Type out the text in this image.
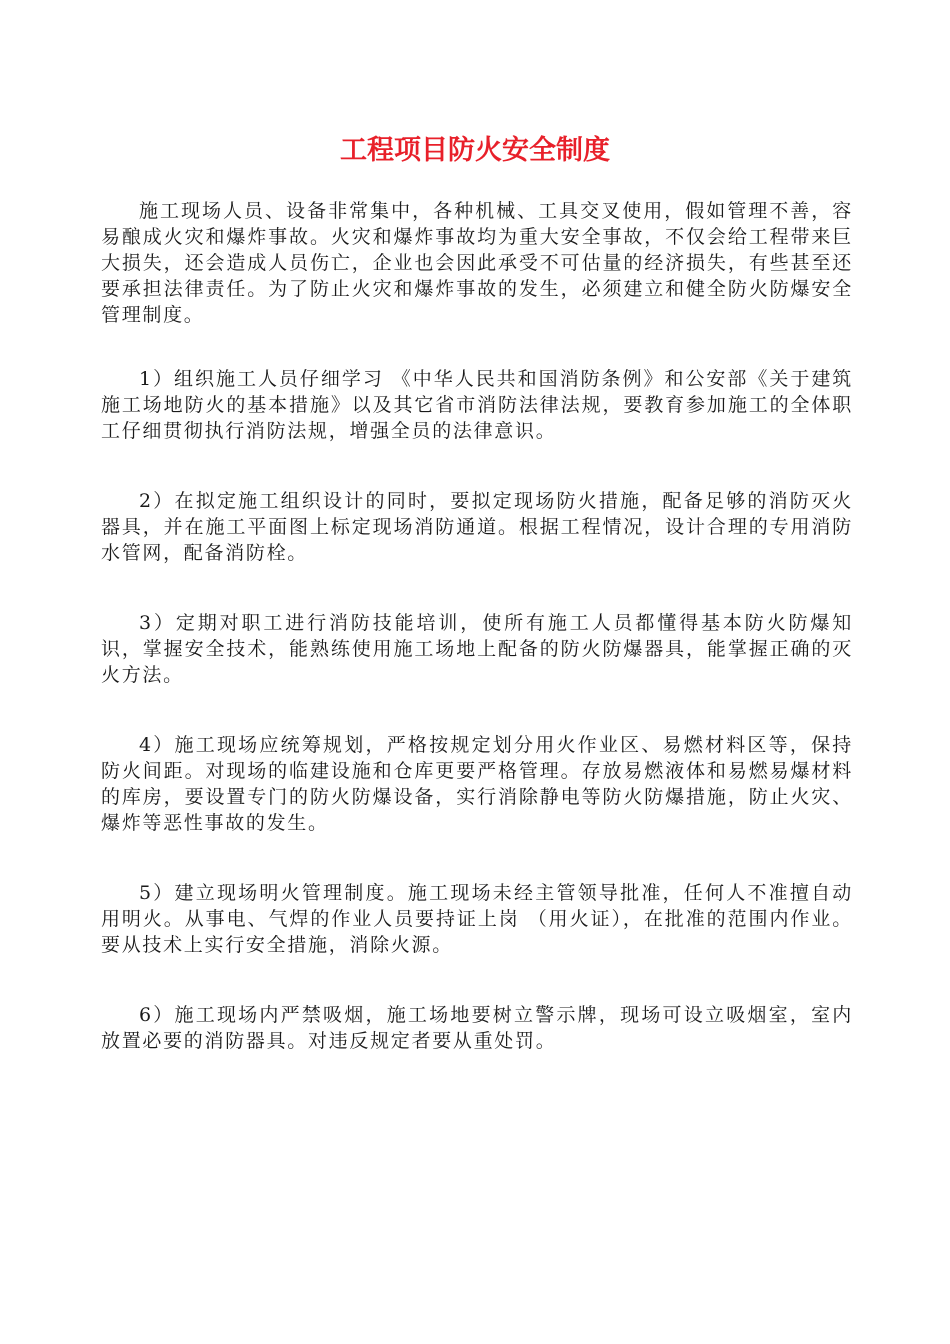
工程项目防火安全制度

施工现场人员、设备非常集中，各种机械、工具交叉使用，假如管理不善，容易酿成火灾和爆炸事故。火灾和爆炸事故均为重大安全事故，不仅会给工程带来巨大损失，还会造成人员伤亡，企业也会因此承受不可估量的经济损失，有些甚至还要承担法律责任。为了防止火灾和爆炸事故的发生，必须建立和健全防火防爆安全管理制度。

1）组织施工人员仔细学习 《中华人民共和国消防条例》和公安部《关于建筑施工场地防火的基本措施》以及其它省市消防法律法规，要教育参加施工的全体职工仔细贯彻执行消防法规，增强全员的法律意识。

2）在拟定施工组织设计的同时，要拟定现场防火措施，配备足够的消防灭火器具，并在施工平面图上标定现场消防通道。根据工程情况，设计合理的专用消防水管网，配备消防栓。

3）定期对职工进行消防技能培训，使所有施工人员都懂得基本防火防爆知识，掌握安全技术，能熟练使用施工场地上配备的防火防爆器具，能掌握正确的灭火方法。

4）施工现场应统筹规划，严格按规定划分用火作业区、易燃材料区等，保持防火间距。对现场的临建设施和仓库更要严格管理。存放易燃液体和易燃易爆材料的库房，要设置专门的防火防爆设备，实行消除静电等防火防爆措施，防止火灾、爆炸等恶性事故的发生。

5）建立现场明火管理制度。施工现场未经主管领导批准，任何人不准擅自动用明火。从事电、气焊的作业人员要持证上岗 （用火证），在批准的范围内作业。要从技术上实行安全措施，消除火源。

6）施工现场内严禁吸烟，施工场地要树立警示牌，现场可设立吸烟室，室内放置必要的消防器具。对违反规定者要从重处罚。
